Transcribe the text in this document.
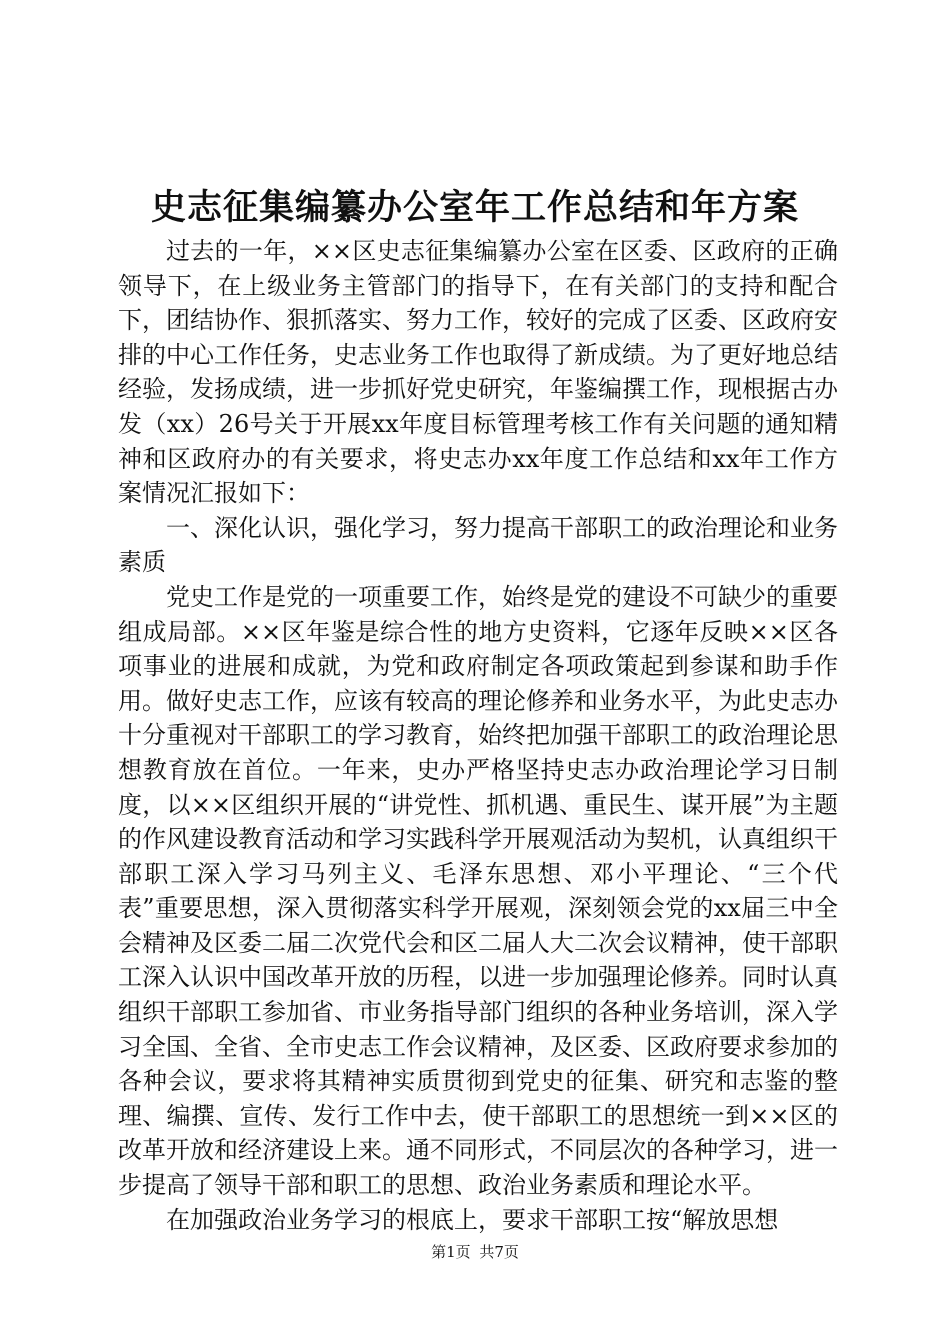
史志征集编纂办公室年工作总结和年方案

过去的一年，××区史志征集编纂办公室在区委、区政府的正确领导下，在上级业务主管部门的指导下，在有关部门的支持和配合下，团结协作、狠抓落实、努力工作，较好的完成了区委、区政府安排的中心工作任务，史志业务工作也取得了新成绩。为了更好地总结经验，发扬成绩，进一步抓好党史研究，年鉴编撰工作，现根据古办发（xx）26号关于开展xx年度目标管理考核工作有关问题的通知精神和区政府办的有关要求，将史志办xx年度工作总结和xx年工作方案情况汇报如下：

一、深化认识，强化学习，努力提高干部职工的政治理论和业务素质

党史工作是党的一项重要工作，始终是党的建设不可缺少的重要组成局部。××区年鉴是综合性的地方史资料，它逐年反映××区各项事业的进展和成就，为党和政府制定各项政策起到参谋和助手作用。做好史志工作，应该有较高的理论修养和业务水平，为此史志办十分重视对干部职工的学习教育，始终把加强干部职工的政治理论思想教育放在首位。一年来，史办严格坚持史志办政治理论学习日制度，以××区组织开展的“讲党性、抓机遇、重民生、谋开展”为主题的作风建设教育活动和学习实践科学开展观活动为契机，认真组织干部职工深入学习马列主义、毛泽东思想、邓小平理论、“三个代表”重要思想，深入贯彻落实科学开展观，深刻领会党的xx届三中全会精神及区委二届二次党代会和区二届人大二次会议精神，使干部职工深入认识中国改革开放的历程，以进一步加强理论修养。同时认真组织干部职工参加省、市业务指导部门组织的各种业务培训，深入学习全国、全省、全市史志工作会议精神，及区委、区政府要求参加的各种会议，要求将其精神实质贯彻到党史的征集、研究和志鉴的整理、编撰、宣传、发行工作中去，使干部职工的思想统一到××区的改革开放和经济建设上来。通不同形式，不同层次的各种学习，进一步提高了领导干部和职工的思想、政治业务素质和理论水平。

在加强政治业务学习的根底上，要求干部职工按“解放思想

第1页 共7页
